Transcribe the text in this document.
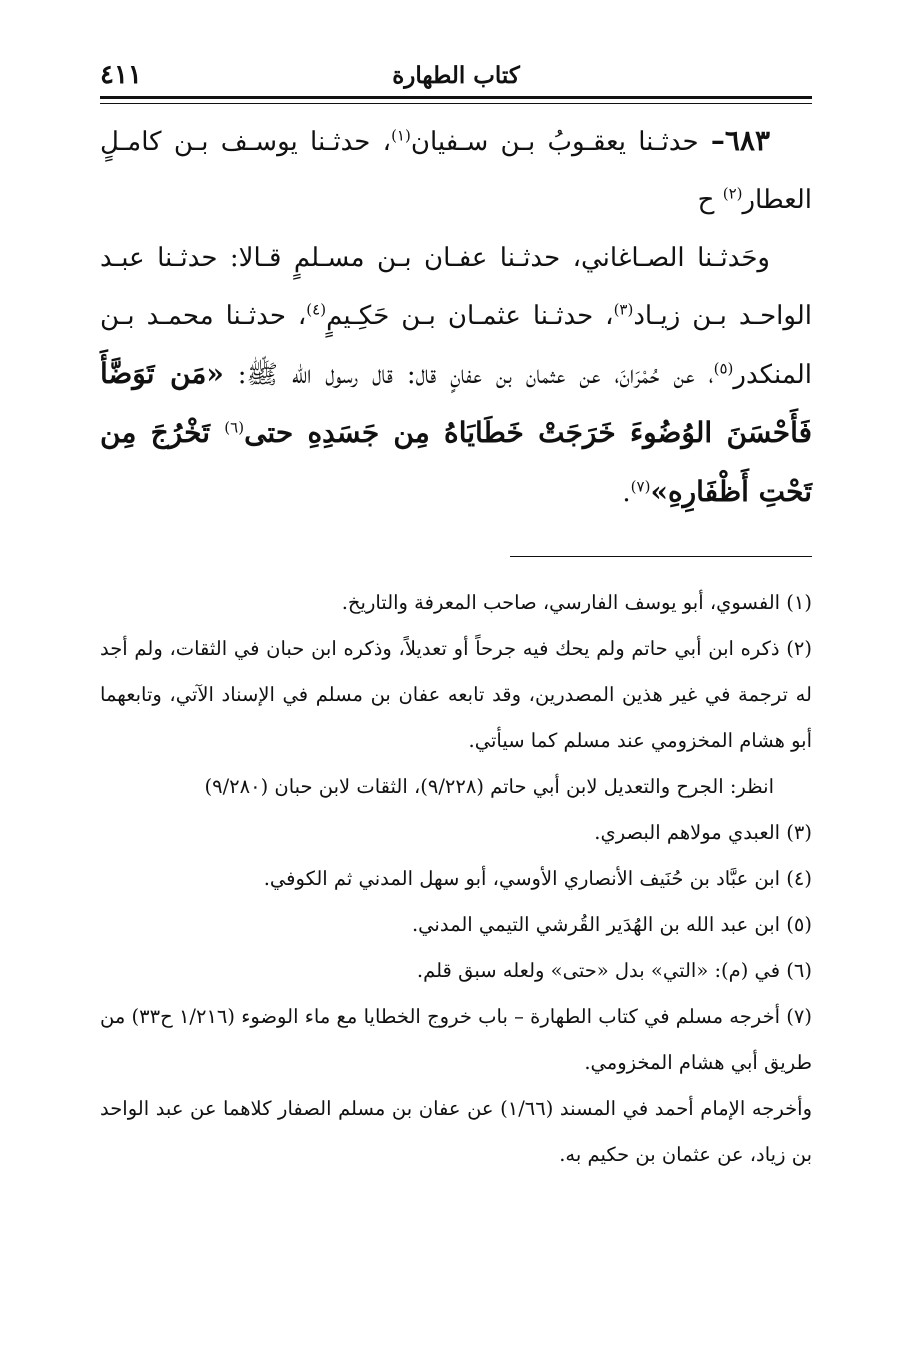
كتاب الطهارة
٤١١

٦٨٣– حدثـنا يعقـوبُ بـن سـفيان$^{(١)}$، حدثـنا يوسـف بـن كامـلٍ العطار$^{(٢)}$ ح

وحَدثـنا الصـاغاني، حدثـنا عفـان بـن مسـلمٍ قـالا: حدثـنا عبـد الواحـد بـن زيـاد$^{(٣)}$، حدثـنا عثمـان بـن حَكِـيمٍ$^{(٤)}$، حدثـنا محمـد بـن المنكدر$^{(٥)}$، عن حُمْرَانَ، عن عثمان بن عفانٍ قال: قال رسول الله ﷺ: «مَن تَوَضَّأَ فَأَحْسَنَ الوُضُوءَ خَرَجَتْ خَطَايَاهُ مِن جَسَدِهِ حتى$^{(٦)}$ تَخْرُجَ مِن تَحْتِ أَظْفَارِهِ»$^{(٧)}$.

(١) الفسوي، أبو يوسف الفارسي، صاحب المعرفة والتاريخ.

(٢) ذكره ابن أبي حاتم ولم يحك فيه جرحاً أو تعديلاً، وذكره ابن حبان في الثقات، ولم أجد له ترجمة في غير هذين المصدرين، وقد تابعه عفان بن مسلم في الإسناد الآتي، وتابعهما أبو هشام المخزومي عند مسلم كما سيأتي.

انظر: الجرح والتعديل لابن أبي حاتم (٩/٢٢٨)، الثقات لابن حبان (٩/٢٨٠)

(٣) العبدي مولاهم البصري.

(٤) ابن عبَّاد بن حُنَيف الأنصاري الأوسي، أبو سهل المدني ثم الكوفي.

(٥) ابن عبد الله بن الهُدَير القُرشي التيمي المدني.

(٦) في (م): «التي» بدل «حتى» ولعله سبق قلم.

(٧) أخرجه مسلم في كتاب الطهارة – باب خروج الخطايا مع ماء الوضوء (١/٢١٦ ح٣٣) من طريق أبي هشام المخزومي.

وأخرجه الإمام أحمد في المسند (١/٦٦) عن عفان بن مسلم الصفار كلاهما عن عبد الواحد بن زياد، عن عثمان بن حكيم به.
